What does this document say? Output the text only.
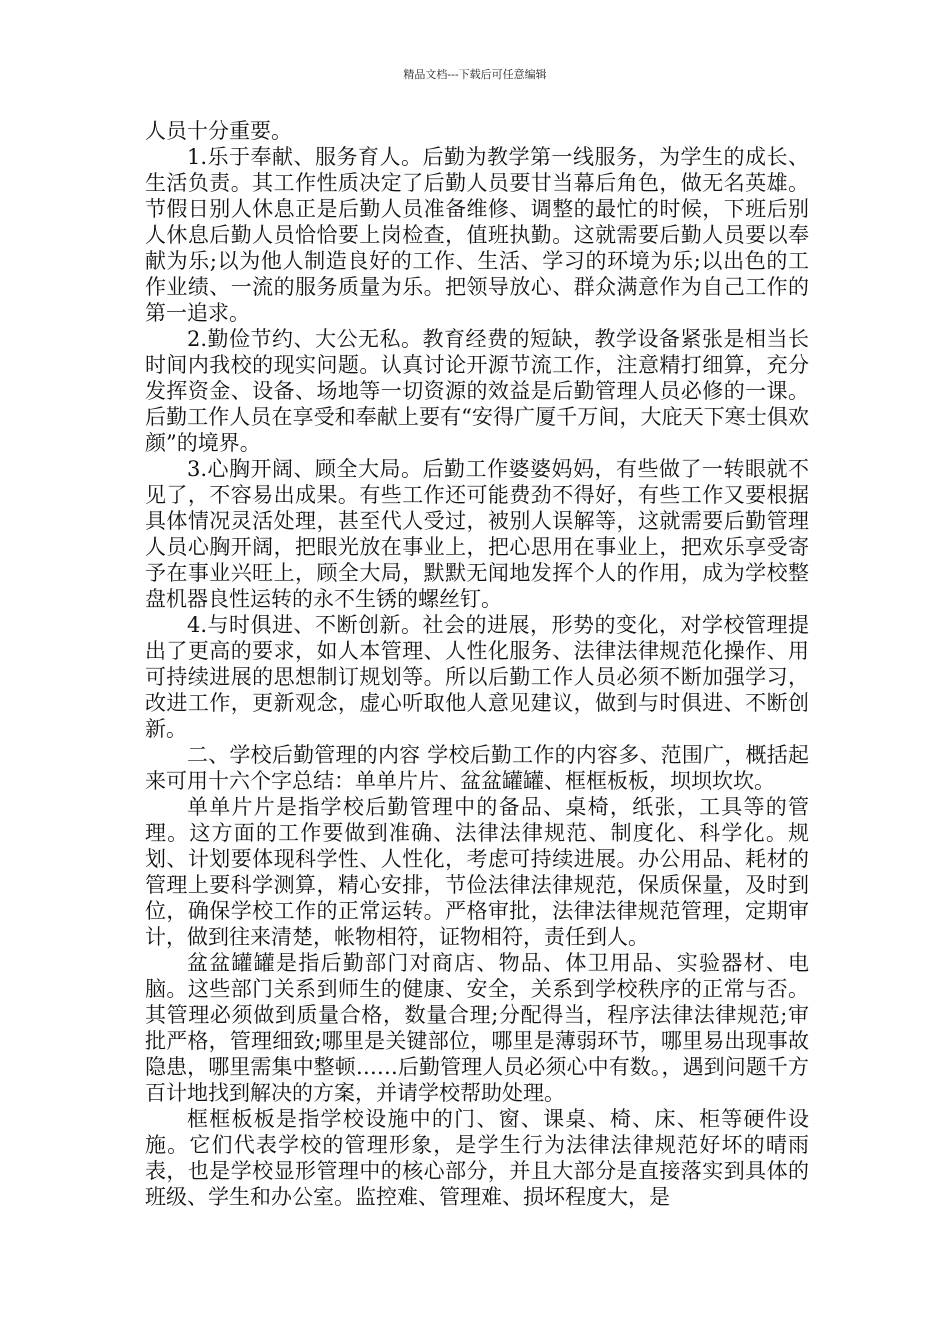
精品文档---下载后可任意编辑

人员十分重要。

1.乐于奉献、服务育人。后勤为教学第一线服务，为学生的成长、生活负责。其工作性质决定了后勤人员要甘当幕后角色，做无名英雄。节假日别人休息正是后勤人员准备维修、调整的最忙的时候，下班后别人休息后勤人员恰恰要上岗检查，值班执勤。这就需要后勤人员要以奉献为乐;以为他人制造良好的工作、生活、学习的环境为乐;以出色的工作业绩、一流的服务质量为乐。把领导放心、群众满意作为自己工作的第一追求。

2.勤俭节约、大公无私。教育经费的短缺，教学设备紧张是相当长时间内我校的现实问题。认真讨论开源节流工作，注意精打细算，充分发挥资金、设备、场地等一切资源的效益是后勤管理人员必修的一课。后勤工作人员在享受和奉献上要有“安得广厦千万间，大庇天下寒士俱欢颜”的境界。

3.心胸开阔、顾全大局。后勤工作婆婆妈妈，有些做了一转眼就不见了，不容易出成果。有些工作还可能费劲不得好，有些工作又要根据具体情况灵活处理，甚至代人受过，被别人误解等，这就需要后勤管理人员心胸开阔，把眼光放在事业上，把心思用在事业上，把欢乐享受寄予在事业兴旺上，顾全大局，默默无闻地发挥个人的作用，成为学校整盘机器良性运转的永不生锈的螺丝钉。

4.与时俱进、不断创新。社会的进展，形势的变化，对学校管理提出了更高的要求，如人本管理、人性化服务、法律法律规范化操作、用可持续进展的思想制订规划等。所以后勤工作人员必须不断加强学习，改进工作，更新观念，虚心听取他人意见建议，做到与时俱进、不断创新。

二、学校后勤管理的内容 学校后勤工作的内容多、范围广，概括起来可用十六个字总结：单单片片、盆盆罐罐、框框板板，坝坝坎坎。

单单片片是指学校后勤管理中的备品、桌椅，纸张，工具等的管理。这方面的工作要做到准确、法律法律规范、制度化、科学化。规划、计划要体现科学性、人性化，考虑可持续进展。办公用品、耗材的管理上要科学测算，精心安排，节俭法律法律规范，保质保量，及时到位，确保学校工作的正常运转。严格审批，法律法律规范管理，定期审计，做到往来清楚，帐物相符，证物相符，责任到人。

盆盆罐罐是指后勤部门对商店、物品、体卫用品、实验器材、电脑。这些部门关系到师生的健康、安全，关系到学校秩序的正常与否。其管理必须做到质量合格，数量合理;分配得当，程序法律法律规范;审批严格，管理细致;哪里是关键部位，哪里是薄弱环节，哪里易出现事故隐患，哪里需集中整顿……后勤管理人员必须心中有数。，遇到问题千方百计地找到解决的方案，并请学校帮助处理。

框框板板是指学校设施中的门、窗、课桌、椅、床、柜等硬件设施。它们代表学校的管理形象，是学生行为法律法律规范好坏的晴雨表，也是学校显形管理中的核心部分，并且大部分是直接落实到具体的班级、学生和办公室。监控难、管理难、损坏程度大，是
